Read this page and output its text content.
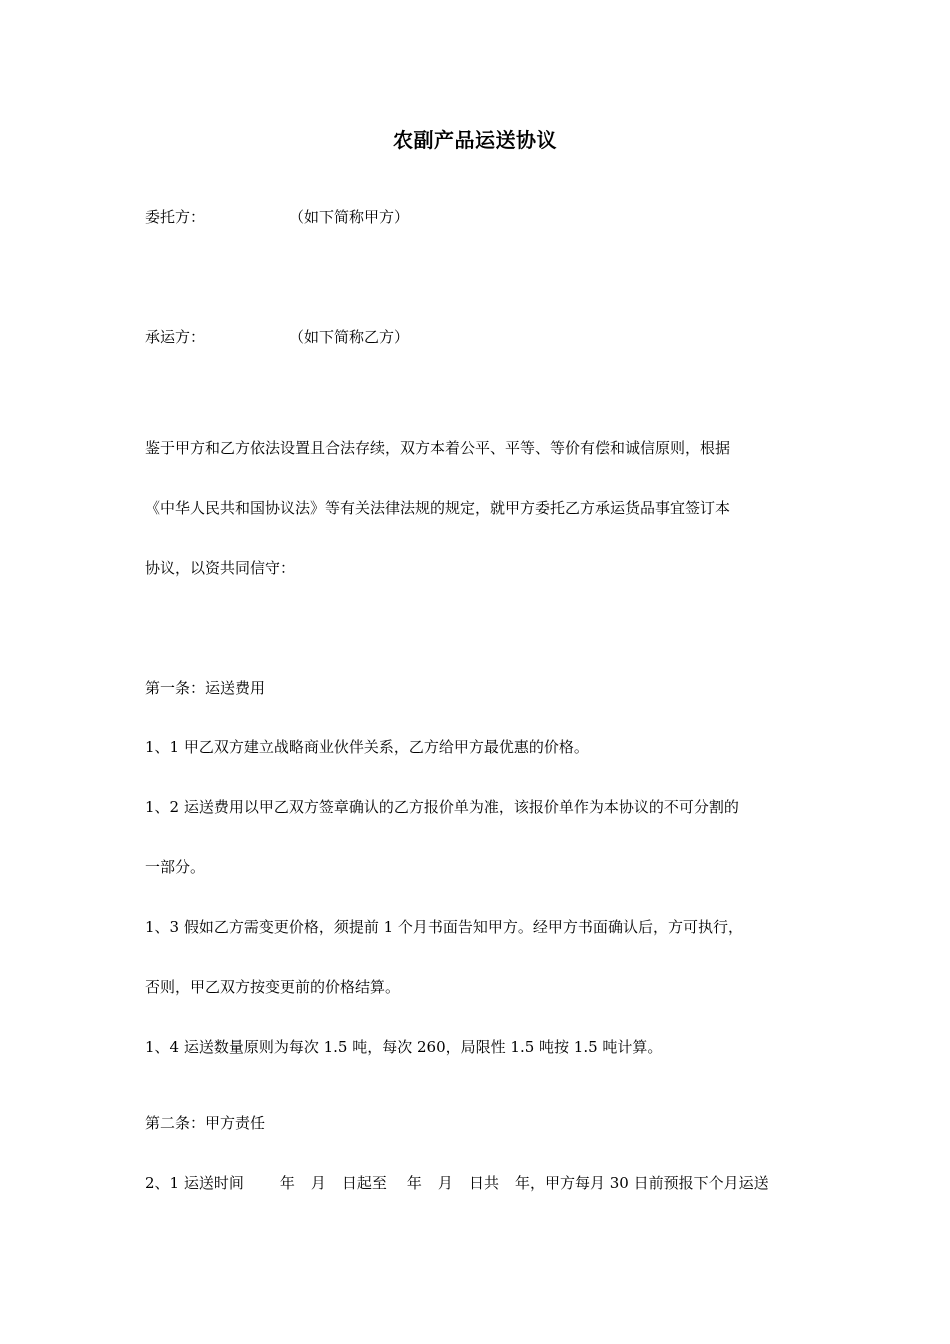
农副产品运送协议
委托方：	（如下简称甲方）
承运方：	（如下简称乙方）
鉴于甲方和乙方依法设置且合法存续，双方本着公平、平等、等价有偿和诚信原则，根据
《中华人民共和国协议法》等有关法律法规的规定，就甲方委托乙方承运货品事宜签订本
协议，以资共同信守：
第一条：运送费用
1、1 甲乙双方建立战略商业伙伴关系，乙方给甲方最优惠的价格。
1、2 运送费用以甲乙双方签章确认的乙方报价单为准，该报价单作为本协议的不可分割的
一部分。
1、3 假如乙方需变更价格，须提前 1 个月书面告知甲方。经甲方书面确认后，方可执行，
否则，甲乙双方按变更前的价格结算。
1、4 运送数量原则为每次 1.5 吨，每次 260，局限性 1.5 吨按 1.5 吨计算。
第二条：甲方责任
2、1 运送时间 年 月 日起至 年 月 日共 年，甲方每月 30 日前预报下个月运送
